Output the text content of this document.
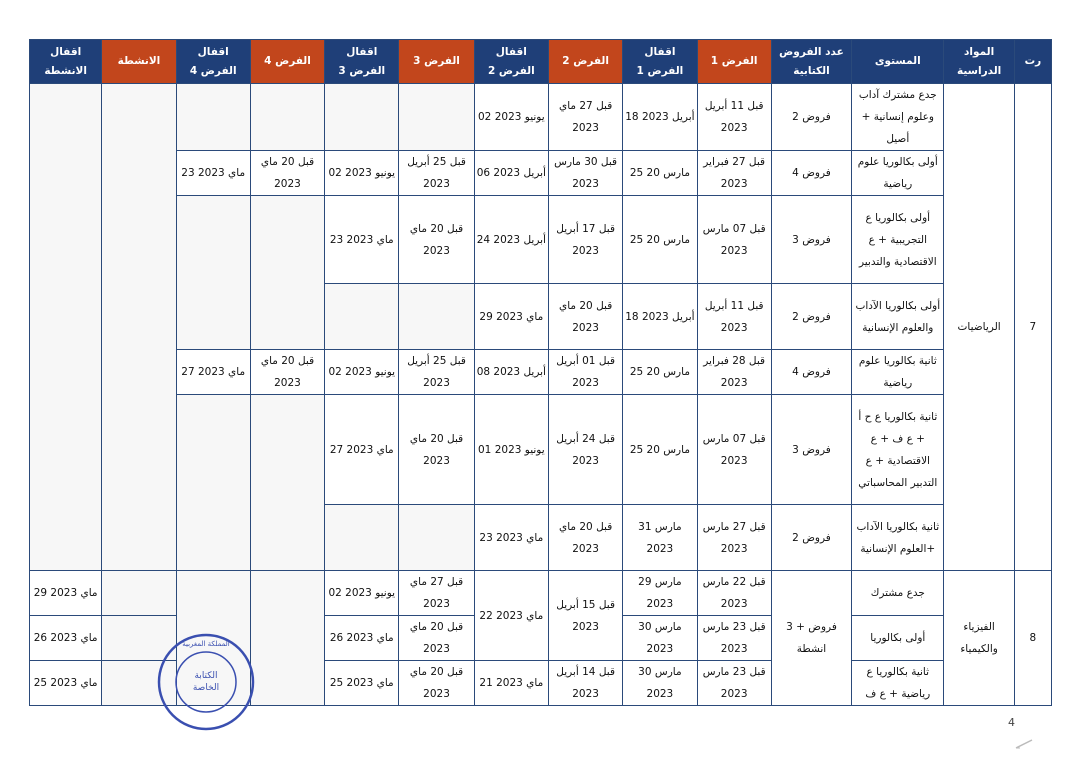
اقفال الانشطة	الانشطة	اقفال الفرض 4	الفرض 4	اقفال الفرض 3	الفرض 3	اقفال الفرض 2	الفرض 2	اقفال الفرض 1	الفرض 1	عدد الفروض الكتابية	المستوى	المواد الدراسية	رت
						02 يونيو 2023	قبل 27 ماي 2023	18 أبريل 2023	قبل 11 أبريل 2023	2 فروض	جدع مشترك آداب وعلوم إنسانية + أصيل	الرياضيات	7
		23 ماي 2023	قبل 20 ماي 2023	02 يونيو 2023	قبل 25 أبريل 2023	06 أبريل 2023	قبل 30 مارس 2023	25 مارس 20	قبل 27 فبراير 2023	4 فروض	أولى بكالوريا علوم رياضية		
				23 ماي 2023	قبل 20 ماي 2023	24 أبريل 2023	قبل 17 أبريل 2023	25 مارس 20	قبل 07 مارس 2023	3 فروض	أولى بكالوريا ع التجريبية + ع الاقتصادية والتدبير		
						29 ماي 2023	قبل 20 ماي 2023	18 أبريل 2023	قبل 11 أبريل 2023	2 فروض	أولى بكالوريا الآداب والعلوم الإنسانية		
		27 ماي 2023	قبل 20 ماي 2023	02 يونيو 2023	قبل 25 أبريل 2023	08 أبريل 2023	قبل 01 أبريل 2023	25 مارس 20	قبل 28 فبراير 2023	4 فروض	ثانية بكالوريا علوم رياضية		
				27 ماي 2023	قبل 20 ماي 2023	01 يونيو 2023	قبل 24 أبريل 2023	25 مارس 20	قبل 07 مارس 2023	3 فروض	ثانية بكالوريا ع ح أ + ع ف + ع الاقتصادية + ع التدبير المحاسباتي		
						23 ماي 2023	قبل 20 ماي 2023	31 مارس 2023	قبل 27 مارس 2023	2 فروض	ثانية بكالوريا الآداب +العلوم الإنسانية		
29 ماي 2023				02 يونيو 2023	قبل 27 ماي 2023	22 ماي 2023	قبل 15 أبريل 2023	29 مارس 2023	قبل 22 مارس 2023	3 فروض + انشطة	جدع مشترك	الفيزياء والكيمياء	8
26 ماي 2023				26 ماي 2023	قبل 20 ماي 2023			30 مارس 2023	قبل 23 مارس 2023		أولى بكالوريا		
25 ماي 2023				25 ماي 2023	قبل 20 ماي 2023	21 ماي 2023	قبل 14 أبريل 2023	30 مارس 2023	قبل 23 مارس 2023		ثانية بكالوريا ع رياضية + ع ف		
الكتابة
الخاصة
المملكة المغربية
4
